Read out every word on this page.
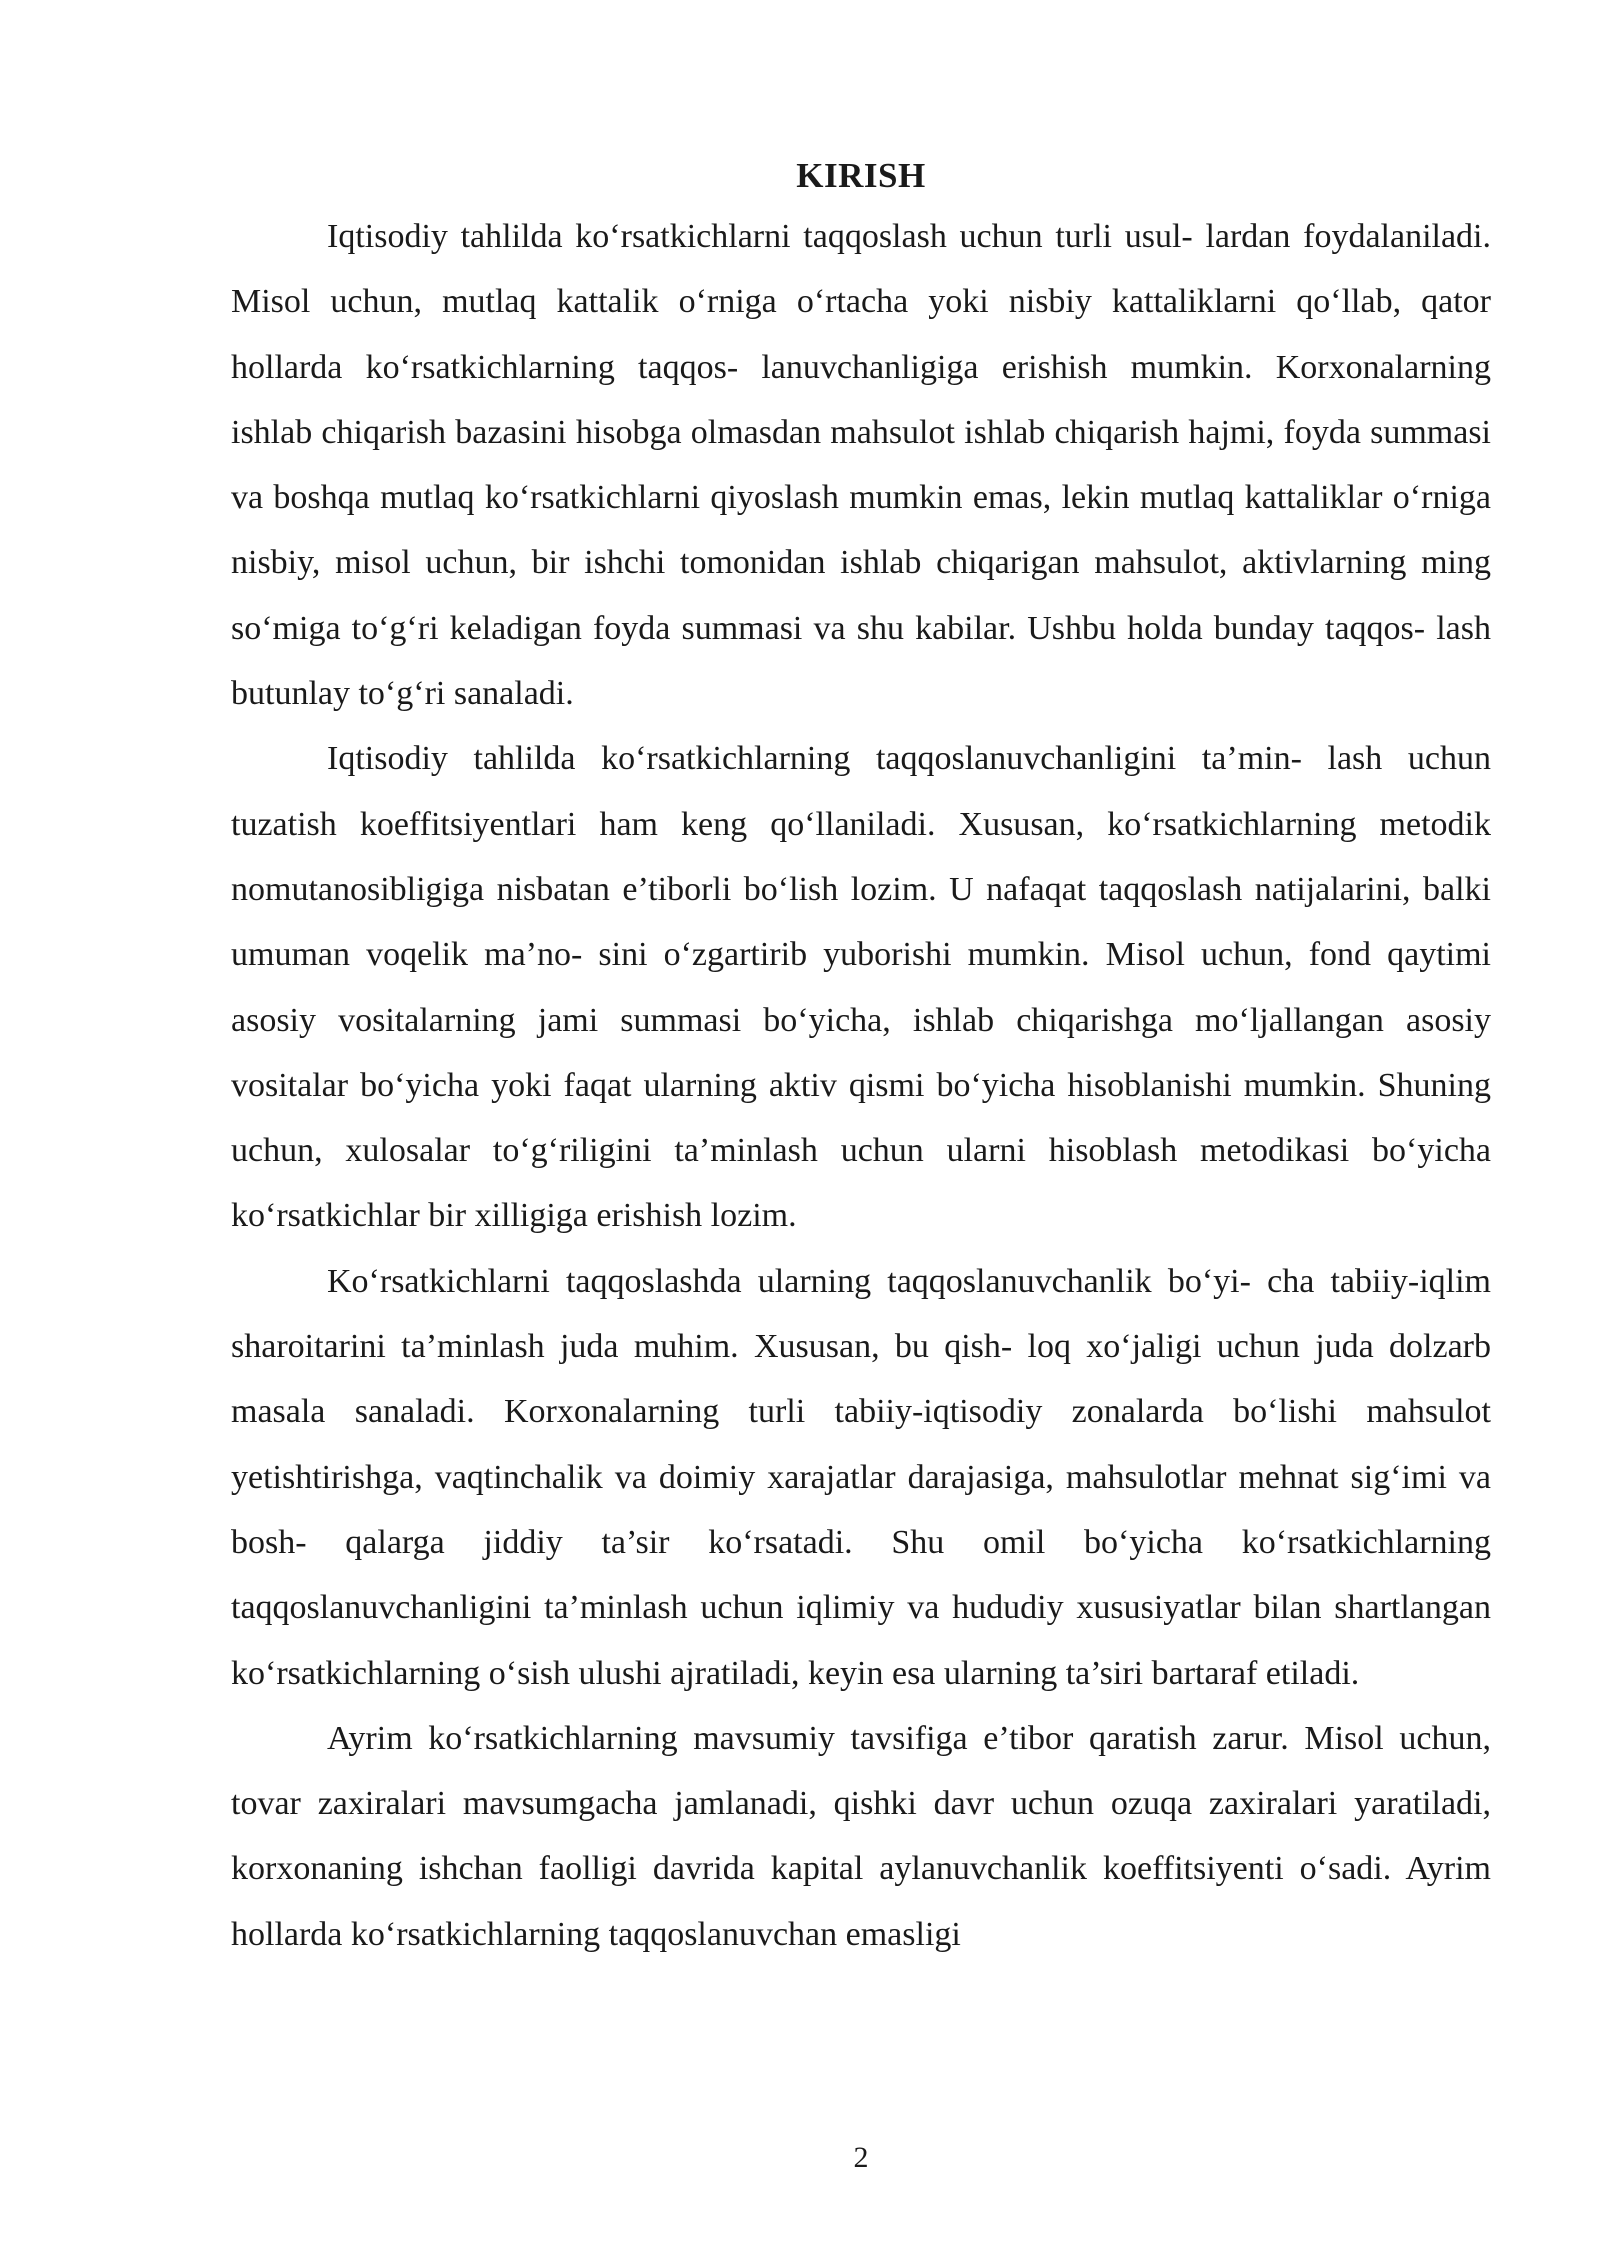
KIRISH

Iqtisodiy tahlilda koʻrsatkichlarni taqqoslash uchun turli usul- lardan foydalaniladi. Misol uchun, mutlaq kattalik oʻrniga oʻrtacha yoki nisbiy kattaliklarni qoʻllab, qator hollarda koʻrsatkichlarning taqqos- lanuvchanligiga erishish mumkin. Korxonalarning ishlab chiqarish bazasini hisobga olmasdan mahsulot ishlab chiqarish hajmi, foyda summasi va boshqa mutlaq koʻrsatkichlarni qiyoslash mumkin emas, lekin mutlaq kattaliklar oʻrniga nisbiy, misol uchun, bir ishchi tomonidan ishlab chiqarigan mahsulot, aktivlarning ming soʻmiga toʻgʻri keladigan foyda summasi va shu kabilar. Ushbu holda bunday taqqos- lash butunlay toʻgʻri sanaladi.

Iqtisodiy tahlilda koʻrsatkichlarning taqqoslanuvchanligini ta’min- lash uchun tuzatish koeffitsiyentlari ham keng qoʻllaniladi. Xususan, koʻrsatkichlarning metodik nomutanosibligiga nisbatan e’tiborli boʻlish lozim. U nafaqat taqqoslash natijalarini, balki umuman voqelik ma’no- sini oʻzgartirib yuborishi mumkin. Misol uchun, fond qaytimi asosiy vositalarning jami summasi boʻyicha, ishlab chiqarishga moʻljallangan asosiy vositalar boʻyicha yoki faqat ularning aktiv qismi boʻyicha hisoblanishi mumkin. Shuning uchun, xulosalar toʻgʻriligini ta’minlash uchun ularni hisoblash metodikasi boʻyicha koʻrsatkichlar bir xilligiga erishish lozim.

Koʻrsatkichlarni taqqoslashda ularning taqqoslanuvchanlik boʻyi- cha tabiiy-iqlim sharoitarini ta’minlash juda muhim. Xususan, bu qish- loq xoʻjaligi uchun juda dolzarb masala sanaladi. Korxonalarning turli tabiiy-iqtisodiy zonalarda boʻlishi mahsulot yetishtirishga, vaqtinchalik va doimiy xarajatlar darajasiga, mahsulotlar mehnat sigʻimi va bosh- qalarga jiddiy ta’sir koʻrsatadi. Shu omil boʻyicha koʻrsatkichlarning taqqoslanuvchanligini ta’minlash uchun iqlimiy va hududiy xususiyatlar bilan shartlangan koʻrsatkichlarning oʻsish ulushi ajratiladi, keyin esa ularning ta’siri bartaraf etiladi.

Ayrim koʻrsatkichlarning mavsumiy tavsifiga e’tibor qaratish zarur. Misol uchun, tovar zaxiralari mavsumgacha jamlanadi, qishki davr uchun ozuqa zaxiralari yaratiladi, korxonaning ishchan faolligi davrida kapital aylanuvchanlik koeffitsiyenti oʻsadi. Ayrim hollarda koʻrsatkichlarning taqqoslanuvchan emasligi

2
